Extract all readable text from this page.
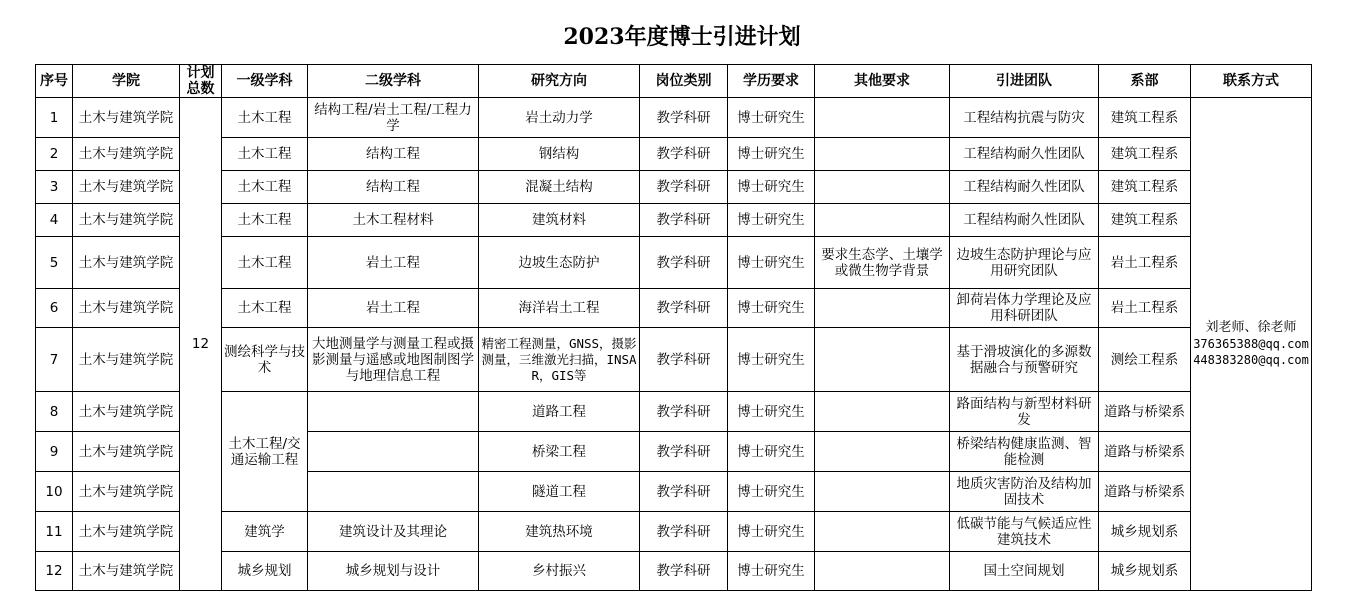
2023年度博士引进计划
序号	学院	计划总数	一级学科	二级学科	研究方向	岗位类别	学历要求	其他要求	引进团队	系部	联系方式
1	土木与建筑学院	12	土木工程	结构工程/岩土工程/工程力学	岩土动力学	教学科研	博士研究生		工程结构抗震与防灾	建筑工程系	刘老师、徐老师
376365388@qq.com
448383280@qq.com

2	土木与建筑学院		土木工程	结构工程	钢结构	教学科研	博士研究生		工程结构耐久性团队	建筑工程系	
3	土木与建筑学院		土木工程	结构工程	混凝土结构	教学科研	博士研究生		工程结构耐久性团队	建筑工程系	
4	土木与建筑学院		土木工程	土木工程材料	建筑材料	教学科研	博士研究生		工程结构耐久性团队	建筑工程系	
5	土木与建筑学院		土木工程	岩土工程	边坡生态防护	教学科研	博士研究生	要求生态学、土壤学或微生物学背景	边坡生态防护理论与应用研究团队	岩土工程系	
6	土木与建筑学院		土木工程	岩土工程	海洋岩土工程	教学科研	博士研究生		卸荷岩体力学理论及应用科研团队	岩土工程系	
7	土木与建筑学院		测绘科学与技术	大地测量学与测量工程或摄影测量与遥感或地图制图学与地理信息工程	精密工程测量，GNSS，摄影测量，三维激光扫描，INSAR，GIS等	教学科研	博士研究生		基于滑坡演化的多源数据融合与预警研究	测绘工程系	
8	土木与建筑学院		土木工程/交通运输工程		道路工程	教学科研	博士研究生		路面结构与新型材料研发	道路与桥梁系	
9	土木与建筑学院				桥梁工程	教学科研	博士研究生		桥梁结构健康监测、智能检测	道路与桥梁系	
10	土木与建筑学院				隧道工程	教学科研	博士研究生		地质灾害防治及结构加固技术	道路与桥梁系	
11	土木与建筑学院		建筑学	建筑设计及其理论	建筑热环境	教学科研	博士研究生		低碳节能与气候适应性建筑技术	城乡规划系	
12	土木与建筑学院		城乡规划	城乡规划与设计	乡村振兴	教学科研	博士研究生		国土空间规划	城乡规划系	
